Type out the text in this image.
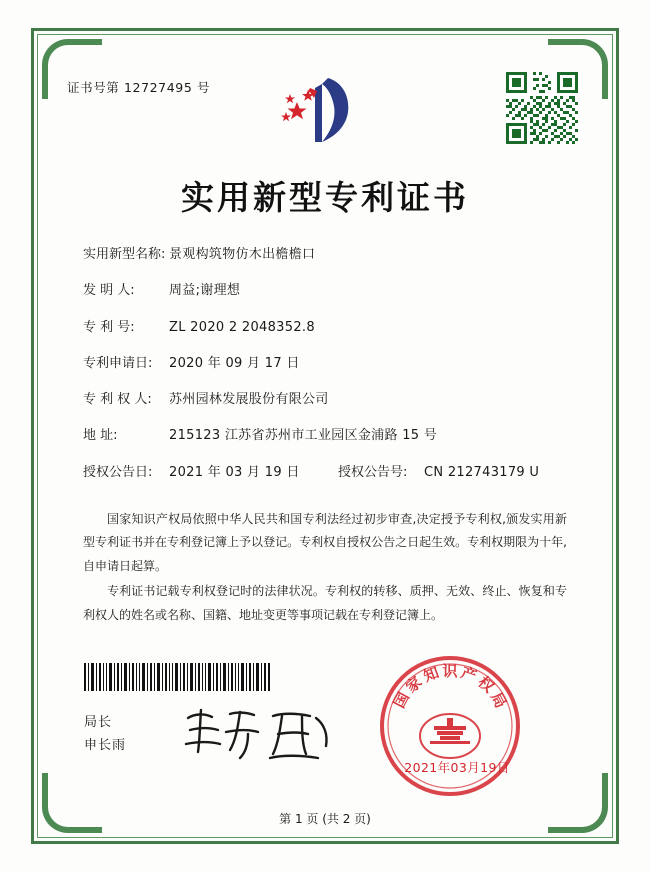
证书号第 12727495 号
实用新型专利证书
实用新型名称: 景观构筑物仿木出檐檐口
发 明 人:	周益;谢理想
专 利 号:	ZL 2020 2 2048352.8
专利申请日:	2020 年 09 月 17 日
专 利 权 人:	苏州园林发展股份有限公司
地 址:	215123 江苏省苏州市工业园区金浦路 15 号
授权公告日:	2021 年 03 月 19 日	授权公告号:	CN 212743179 U

国家知识产权局依照中华人民共和国专利法经过初步审查,决定授予专利权,颁发实用新型专利证书并在专利登记簿上予以登记。专利权自授权公告之日起生效。专利权期限为十年,自申请日起算。

专利证书记载专利权登记时的法律状况。专利权的转移、质押、无效、终止、恢复和专利权人的姓名或名称、国籍、地址变更等事项记载在专利登记簿上。

局长
申长雨
国
家
知 识 产
权
局
2021年03月19日
第 1 页 (共 2 页)
